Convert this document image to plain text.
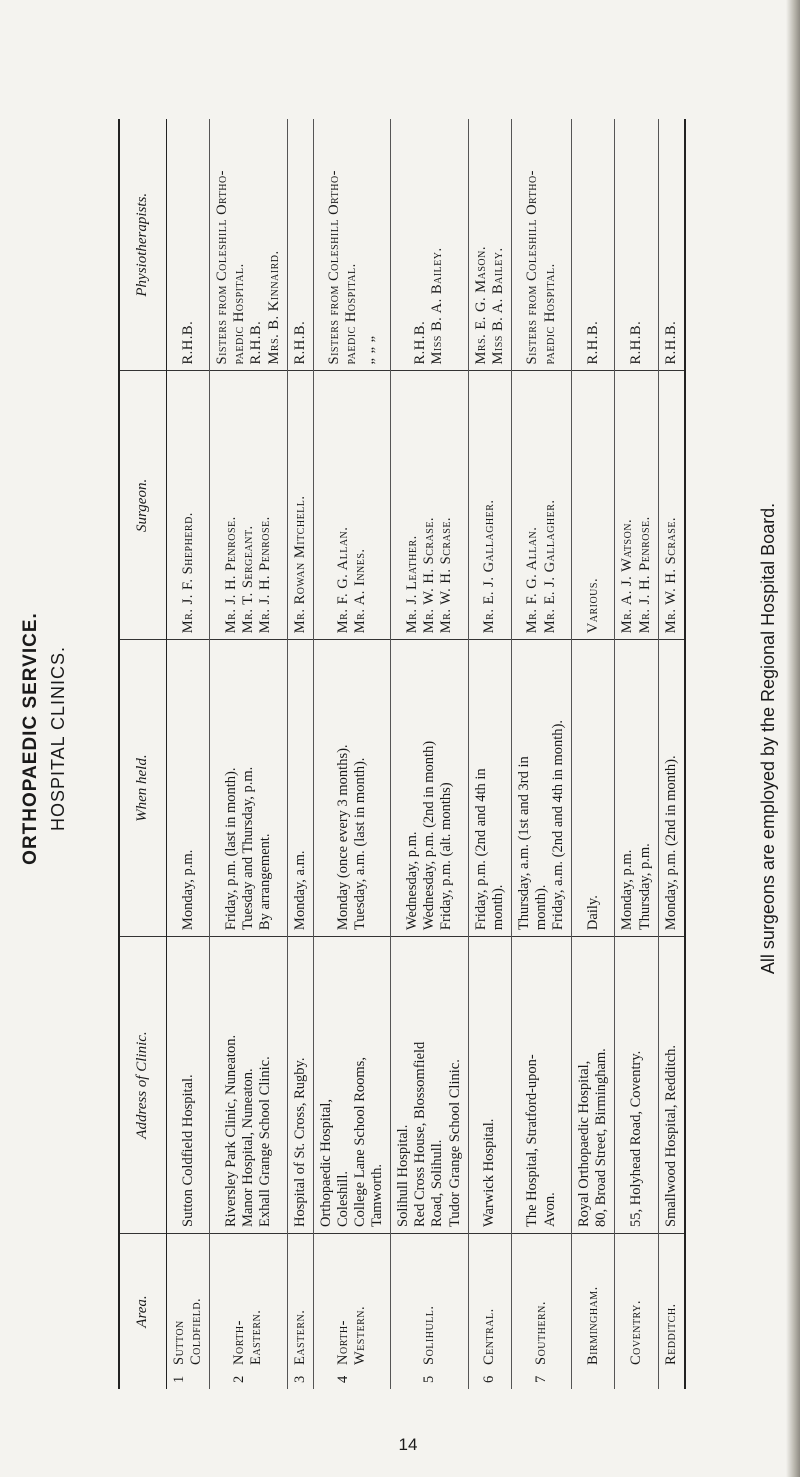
ORTHOPAEDIC SERVICE. HOSPITAL CLINICS.
Area.	Address of Clinic.	When held.	Surgeon.	Physiotherapists.

1Sutton Coldfield.	Sutton Coldfield Hospital.	Monday, p.m.	Mr. J. F. Shepherd.	R.H.B.

2North- Eastern.	Riversley Park Clinic, Nuneaton. Manor Hospital, Nuneaton. Exhall Grange School Clinic.	Friday, p.m. (last in month). Tuesday and Thursday, p.m. By arrangement.	Mr. J. H. Penrose. Mr. T. Sergeant. Mr. J. H. Penrose.	Sisters from Coleshill Ortho- paedic Hospital. R.H.B. Mrs. B. Kinnaird.

3Eastern.	Hospital of St. Cross, Rugby.	Monday, a.m.	Mr. Rowan Mitchell.	R.H.B.

4North- Western.	Orthopaedic Hospital, Coleshill. College Lane School Rooms, Tamworth.	Monday (once every 3 months). Tuesday, a.m. (last in month).	Mr. F. G. Allan. Mr. A. Innes.	Sisters from Coleshill Ortho- paedic Hospital. „ „ „

5Solihull.	Solihull Hospital. Red Cross House, Blossomfield Road, Solihull. Tudor Grange School Clinic.	Wednesday, p.m. Wednesday, p.m. (2nd in month) Friday, p.m. (alt. months)	Mr. J. Leather. Mr. W. H. Scrase. Mr. W. H. Scrase.	R.H.B. Miss B. A. Bailey.

6Central.	Warwick Hospital.	Friday, p.m. (2nd and 4th in month).	Mr. E. J. Gallagher.	Mrs. E. G. Mason. Miss B. A. Bailey.

7Southern.	The Hospital, Stratford-upon- Avon.	Thursday, a.m. (1st and 3rd in month). Friday, a.m. (2nd and 4th in month).	Mr. F. G. Allan. Mr. E. J. Gallagher.	Sisters from Coleshill Ortho- paedic Hospital.

Birmingham.	Royal Orthopaedic Hospital, 80, Broad Street, Birmingham.	Daily.	Various.	R.H.B.

Coventry.	55, Holyhead Road, Coventry.	Monday, p.m. Thursday, p.m.	Mr. A. J. Watson. Mr. J. H. Penrose.	R.H.B.

Redditch.	Smallwood Hospital, Redditch.	Monday, p.m. (2nd in month).	Mr. W. H. Scrase.	R.H.B.
All surgeons are employed by the Regional Hospital Board.
14
